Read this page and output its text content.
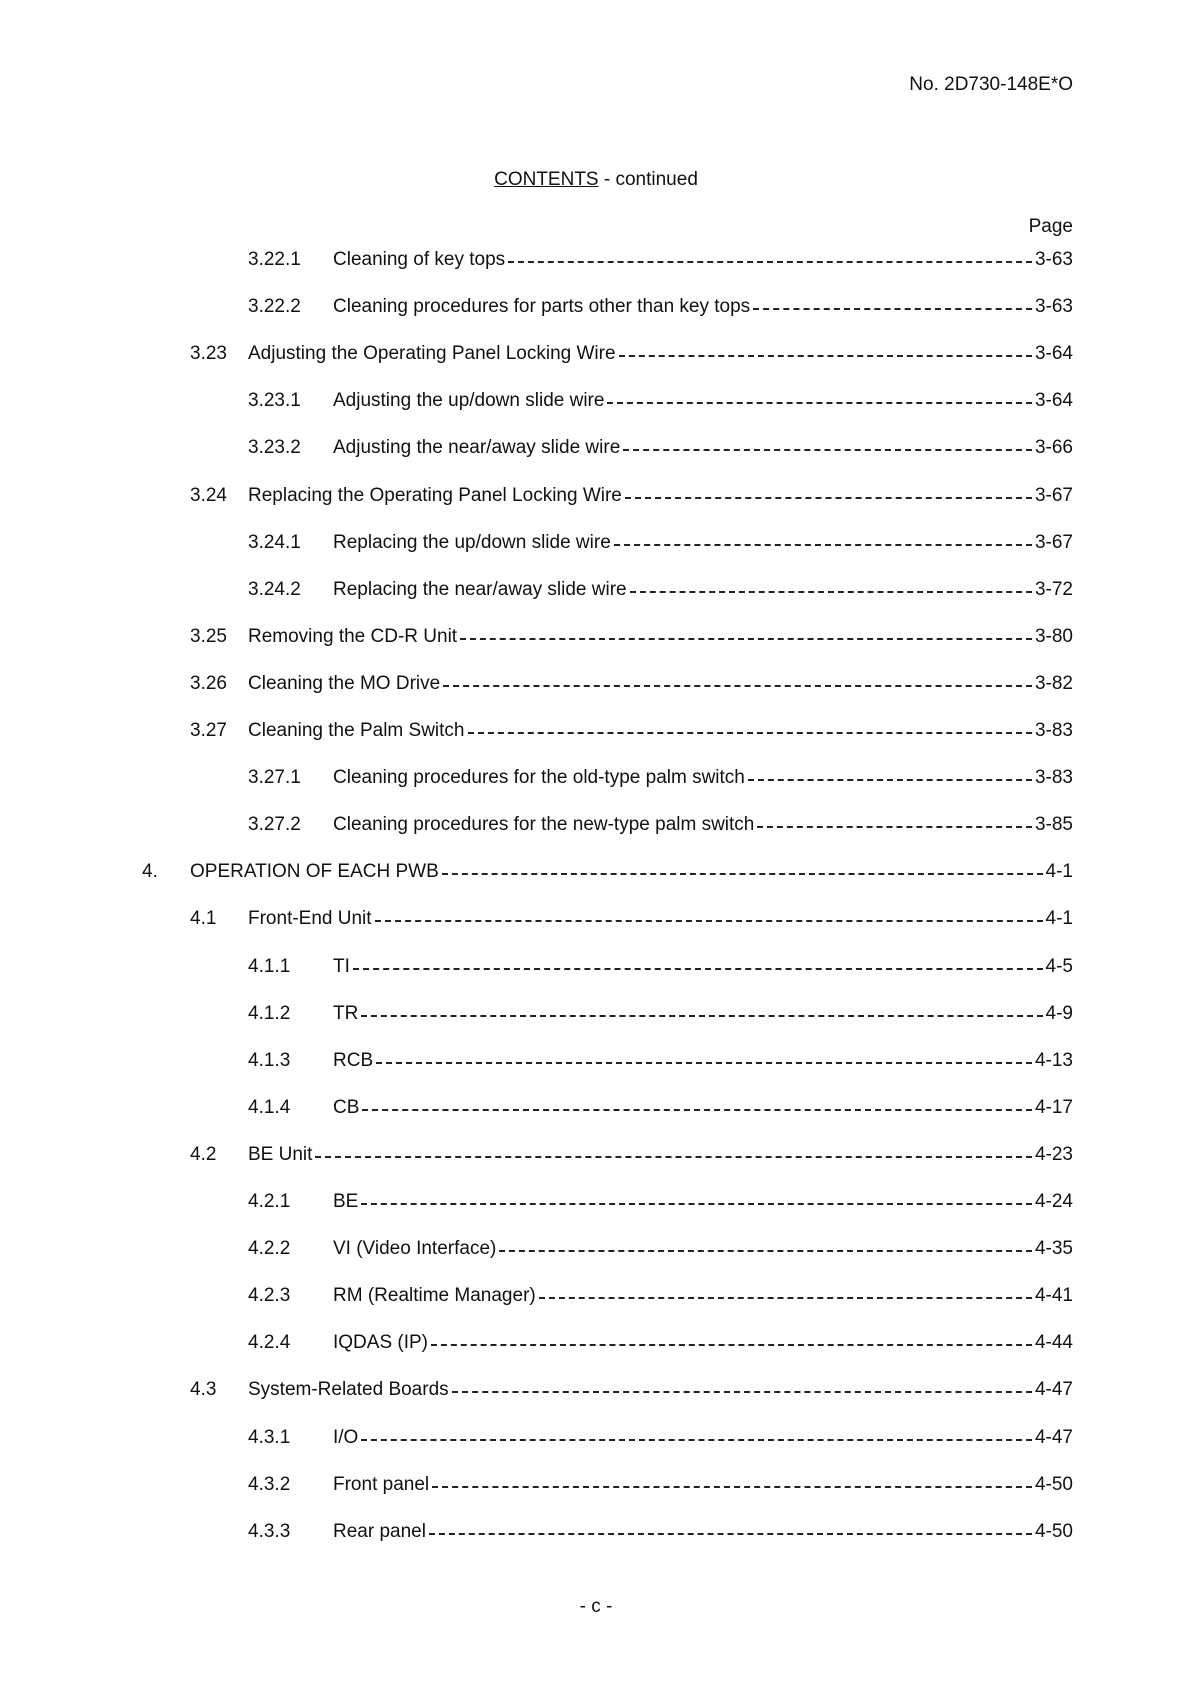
No. 2D730-148E*O
CONTENTS - continued
Page
3.22.1 Cleaning of key tops	3-63
3.22.2 Cleaning procedures for parts other than key tops	3-63
3.23 Adjusting the Operating Panel Locking Wire	3-64
3.23.1 Adjusting the up/down slide wire	3-64
3.23.2 Adjusting the near/away slide wire	3-66
3.24 Replacing the Operating Panel Locking Wire	3-67
3.24.1 Replacing the up/down slide wire	3-67
3.24.2 Replacing the near/away slide wire	3-72
3.25 Removing the CD-R Unit	3-80
3.26 Cleaning the MO Drive	3-82
3.27 Cleaning the Palm Switch	3-83
3.27.1 Cleaning procedures for the old-type palm switch	3-83
3.27.2 Cleaning procedures for the new-type palm switch	3-85
4. OPERATION OF EACH PWB	4-1
4.1 Front-End Unit	4-1
4.1.1 TI	4-5
4.1.2 TR	4-9
4.1.3 RCB	4-13
4.1.4 CB	4-17
4.2 BE Unit	4-23
4.2.1 BE	4-24
4.2.2 VI (Video Interface)	4-35
4.2.3 RM (Realtime Manager)	4-41
4.2.4 IQDAS (IP)	4-44
4.3 System-Related Boards	4-47
4.3.1 I/O	4-47
4.3.2 Front panel	4-50
4.3.3 Rear panel	4-50
- c -
